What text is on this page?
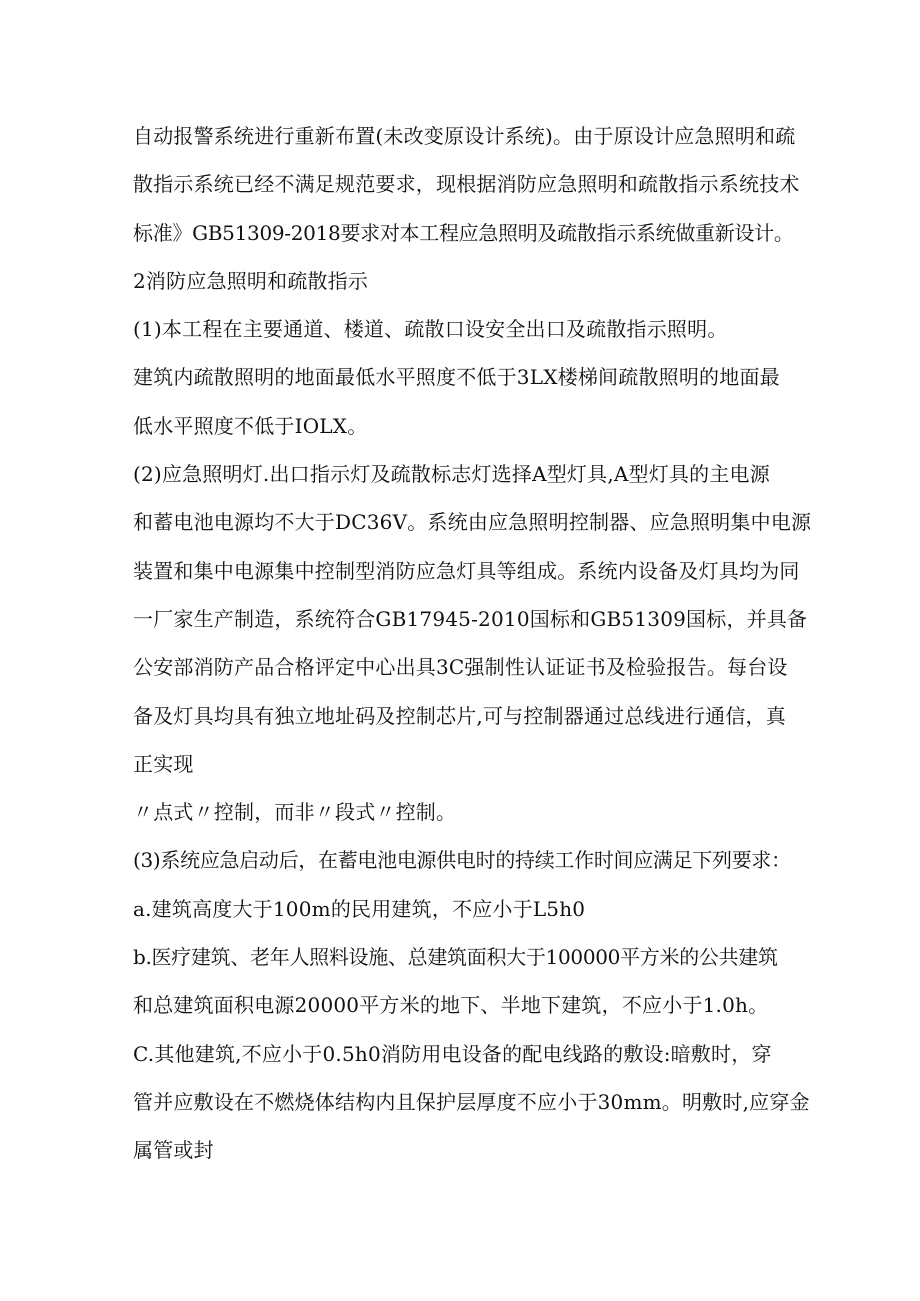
自动报警系统进行重新布置(未改变原设计系统)。由于原设计应急照明和疏
散指示系统已经不满足规范要求，现根据消防应急照明和疏散指示系统技术
标准》GB51309-2018要求对本工程应急照明及疏散指示系统做重新设计。
2消防应急照明和疏散指示
(1)本工程在主要通道、楼道、疏散口设安全出口及疏散指示照明。
建筑内疏散照明的地面最低水平照度不低于3LX楼梯间疏散照明的地面最
低水平照度不低于IOLX。
(2)应急照明灯.出口指示灯及疏散标志灯选择A型灯具,A型灯具的主电源
和蓄电池电源均不大于DC36V。系统由应急照明控制器、应急照明集中电源
装置和集中电源集中控制型消防应急灯具等组成。系统内设备及灯具均为同
一厂家生产制造，系统符合GB17945-2010国标和GB51309国标，并具备
公安部消防产品合格评定中心出具3C强制性认证证书及检验报告。每台设
备及灯具均具有独立地址码及控制芯片,可与控制器通过总线进行通信，真
正实现
〃点式〃控制，而非〃段式〃控制。
(3)系统应急启动后，在蓄电池电源供电时的持续工作时间应满足下列要求：
a.建筑高度大于100m的民用建筑，不应小于L5h0
b.医疗建筑、老年人照料设施、总建筑面积大于100000平方米的公共建筑
和总建筑面积电源20000平方米的地下、半地下建筑，不应小于1.0h。
C.其他建筑,不应小于0.5h0消防用电设备的配电线路的敷设:暗敷时，穿
管并应敷设在不燃烧体结构内且保护层厚度不应小于30mm。明敷时,应穿金
属管或封
